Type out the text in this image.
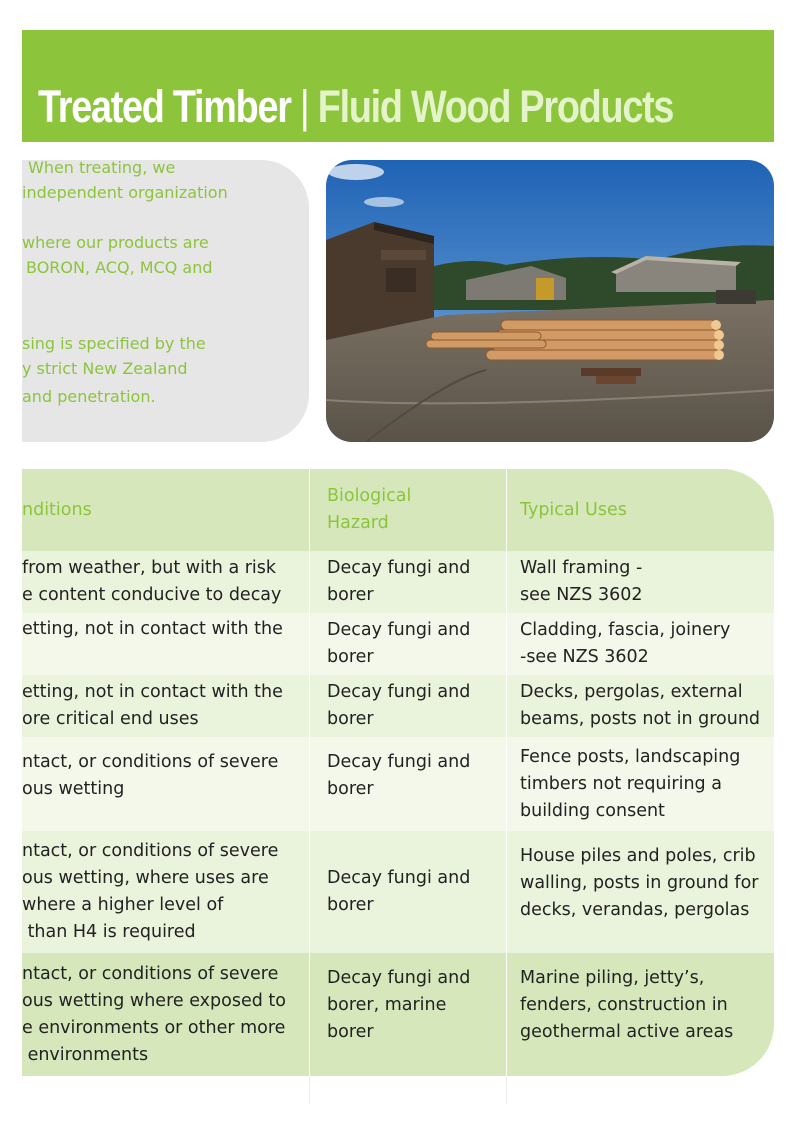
Treated Timber | Fluid Wood Products

When treating, we

independent organization

where our products are

BORON, ACQ, MCQ and

sing is specified by the

y strict New Zealand

and penetration.

nditions
Biological
Hazard
Typical Uses
from weather, but with a risk
e content conducive to decay
Decay fungi and
borer
Wall framing -
see NZS 3602
etting, not in contact with the	Decay fungi and
borer
Cladding, fascia, joinery
-see NZS 3602
etting, not in contact with the
ore critical end uses
Decay fungi and
borer
Decks, pergolas, external
beams, posts not in ground
ntact, or conditions of severe
ous wetting
Decay fungi and
borer
Fence posts, landscaping
timbers not requiring a
building consent
ntact, or conditions of severe
ous wetting, where uses are
where a higher level of
than H4 is required
Decay fungi and
borer
House piles and poles, crib
walling, posts in ground for
decks, verandas, pergolas
ntact, or conditions of severe
ous wetting where exposed to
e environments or other more
environments
Decay fungi and
borer, marine
borer
Marine piling, jetty’s,
fenders, construction in
geothermal active areas
